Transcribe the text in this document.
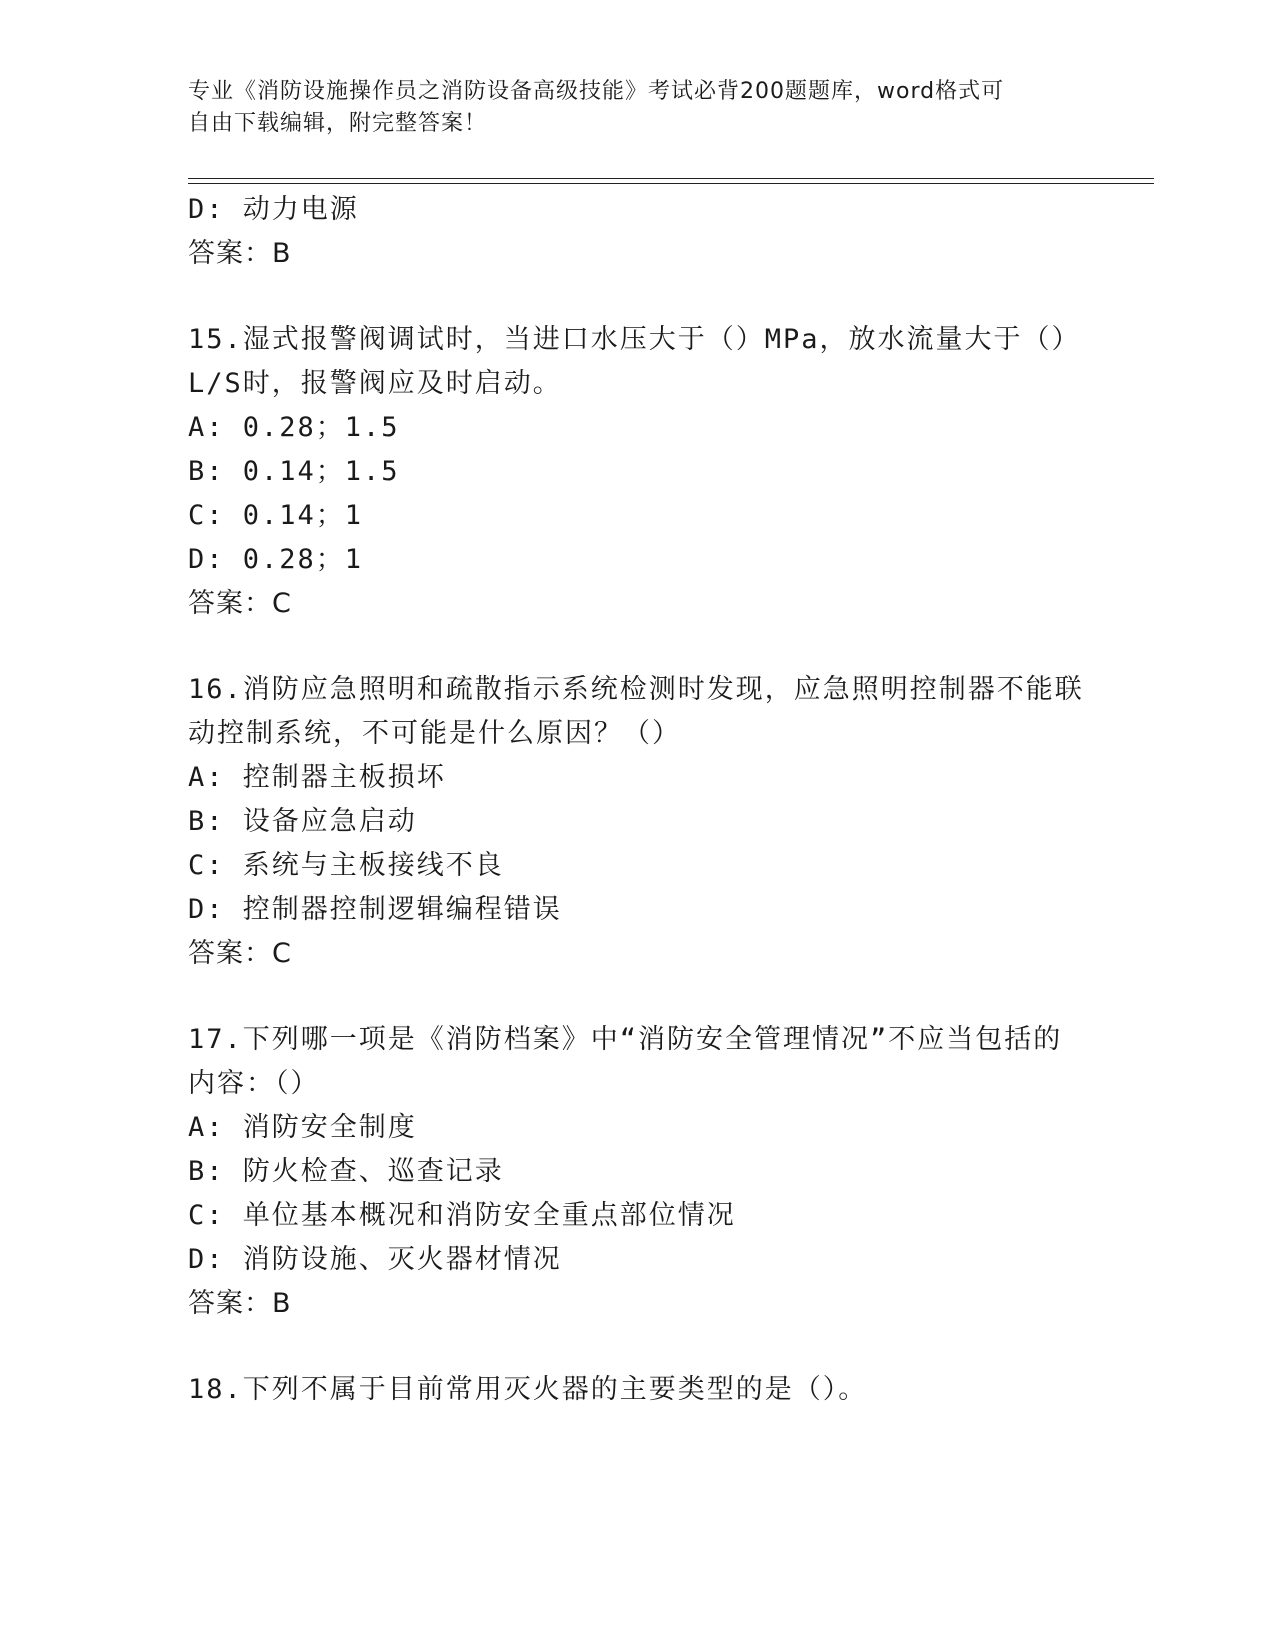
专业《消防设施操作员之消防设备高级技能》考试必背200题题库，word格式可
自由下载编辑，附完整答案！
D: 动力电源
答案：B
15.湿式报警阀调试时，当进口水压大于（）MPa，放水流量大于（）
L/S时，报警阀应及时启动。
A: 0.28；1.5
B: 0.14；1.5
C: 0.14；1
D: 0.28；1
答案：C
16.消防应急照明和疏散指示系统检测时发现，应急照明控制器不能联
动控制系统，不可能是什么原因？（）
A: 控制器主板损坏
B: 设备应急启动
C: 系统与主板接线不良
D: 控制器控制逻辑编程错误
答案：C
17.下列哪一项是《消防档案》中“消防安全管理情况”不应当包括的
内容：（）
A: 消防安全制度
B: 防火检查、巡查记录
C: 单位基本概况和消防安全重点部位情况
D: 消防设施、灭火器材情况
答案：B
18.下列不属于目前常用灭火器的主要类型的是（）。
